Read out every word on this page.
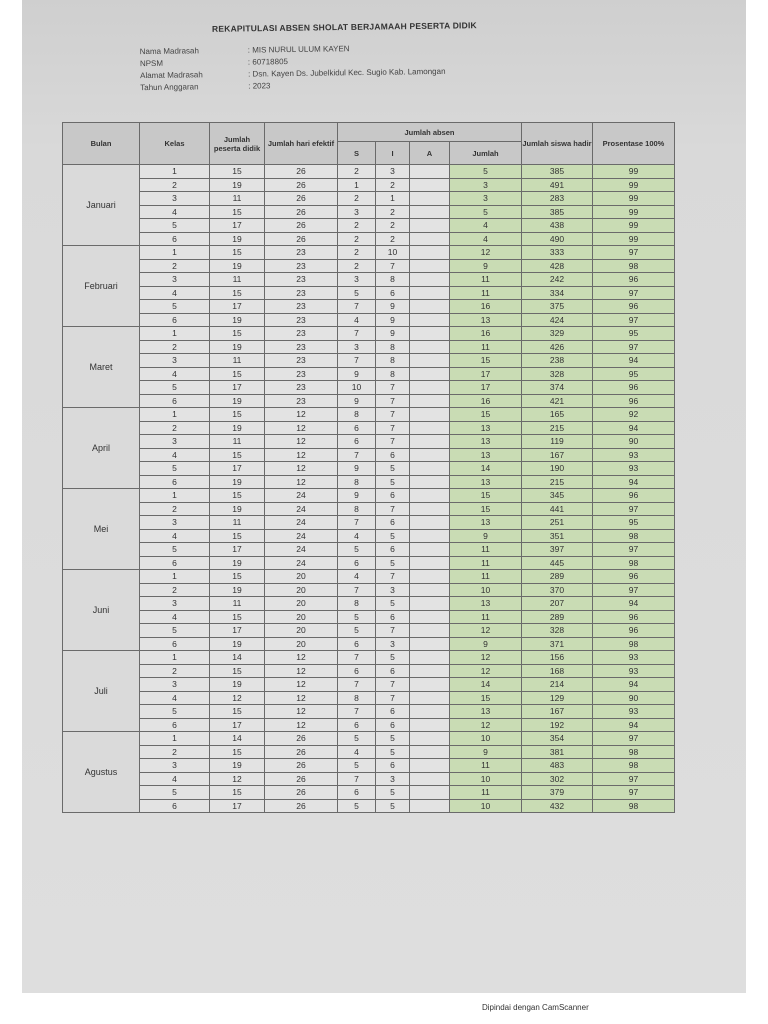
REKAPITULASI ABSEN SHOLAT BERJAMAAH PESERTA DIDIK
Nama Madrasah	: MIS NURUL ULUM KAYEN
NPSM	: 60718805
Alamat Madrasah	: Dsn. Kayen Ds. Jubelkidul Kec. Sugio Kab. Lamongan
Tahun Anggaran	: 2023
Bulan	Kelas	Jumlah peserta didik	Jumlah hari efektif	Jumlah absen				Jumlah siswa hadir	Prosentase 100%
				S	I	A	Jumlah		
Januari	1	15	26	2	3		5	385	99
	2	19	26	1	2		3	491	99
	3	11	26	2	1		3	283	99
	4	15	26	3	2		5	385	99
	5	17	26	2	2		4	438	99
	6	19	26	2	2		4	490	99
Februari	1	15	23	2	10		12	333	97
	2	19	23	2	7		9	428	98
	3	11	23	3	8		11	242	96
	4	15	23	5	6		11	334	97
	5	17	23	7	9		16	375	96
	6	19	23	4	9		13	424	97
Maret	1	15	23	7	9		16	329	95
	2	19	23	3	8		11	426	97
	3	11	23	7	8		15	238	94
	4	15	23	9	8		17	328	95
	5	17	23	10	7		17	374	96
	6	19	23	9	7		16	421	96
April	1	15	12	8	7		15	165	92
	2	19	12	6	7		13	215	94
	3	11	12	6	7		13	119	90
	4	15	12	7	6		13	167	93
	5	17	12	9	5		14	190	93
	6	19	12	8	5		13	215	94
Mei	1	15	24	9	6		15	345	96
	2	19	24	8	7		15	441	97
	3	11	24	7	6		13	251	95
	4	15	24	4	5		9	351	98
	5	17	24	5	6		11	397	97
	6	19	24	6	5		11	445	98
Juni	1	15	20	4	7		11	289	96
	2	19	20	7	3		10	370	97
	3	11	20	8	5		13	207	94
	4	15	20	5	6		11	289	96
	5	17	20	5	7		12	328	96
	6	19	20	6	3		9	371	98
Juli	1	14	12	7	5		12	156	93
	2	15	12	6	6		12	168	93
	3	19	12	7	7		14	214	94
	4	12	12	8	7		15	129	90
	5	15	12	7	6		13	167	93
	6	17	12	6	6		12	192	94
Agustus	1	14	26	5	5		10	354	97
	2	15	26	4	5		9	381	98
	3	19	26	5	6		11	483	98
	4	12	26	7	3		10	302	97
	5	15	26	6	5		11	379	97
	6	17	26	5	5		10	432	98
Dipindai dengan CamScanner
